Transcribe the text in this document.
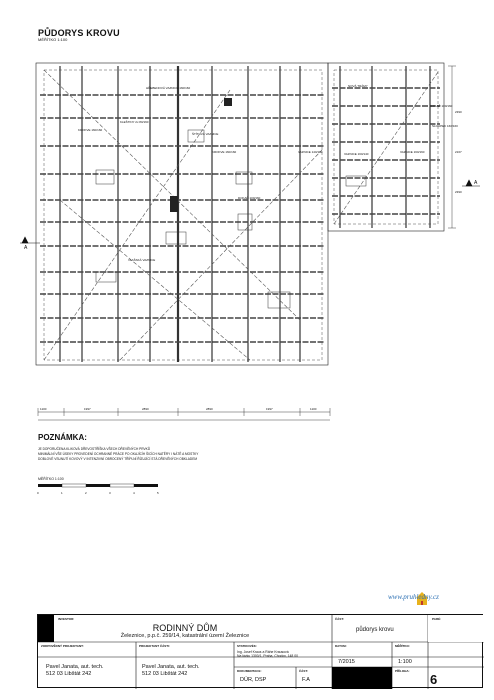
PŮDORYS KROVU
MĚŘÍTKO 1:100
KROKVE 160/160
KLEŠTINY 2x 80/160
HŘEBENOVÁ VAZNICE 160/160
KROKVE 160/160
ŠTÍTOVÁ VAZNICE
DOKAŘ 100/160
VLAŠSKÁ VAZNICE
NOVÁ TRÁMY
VAZNICE 140/160	VAZNICE 160/140
SLOUPEK 160/160
DOKAŘ 100/160
VAZNICE 160/160
A
A
1100	1997	2890	2890	1997	1100
2390
2167
2390
POZNÁMKA:
JE DOPORUČENA KLIKOVÁ DŘEVOSTŘÍŠKA VŠECH DŘEVĚNÝCH PRVKŮ
MINIMÁLNÍ VŠE ÚSEKY PROVEDENÍ OCHRANNÉ PRÁCE PO OKAJÍCÍH ŠICÍCH NATĚRY I NÁTĚ A MOSTKY
DOBLOVÉ VSUNUTÍ KOVOVÝ V INTENZIVNÍ OBROCENÝ TŘÍPLNÍ ŘÍZUJÍCÍ STÁ DŘEVĚNÝCH OBKLADEM
MĚŘÍTKO 1:100
0	1	2	3	4	5
www.pruhledny.cz
INVESTOR:
RODINNÝ DŮM
Železnice, p.p.č. 259/14, katastrální území Železnice
ČÁST:
půdorys krovu
PARÉ:
ZODPOVĚDNÝ PROJEKTANT:
Pavel Janata, aut. tech.
512 03 Libštát 242
PROJEKTANT ČÁSTI:
Pavel Janata, aut. tech.
512 03 Libštát 242
STATIKOVÉK:
Ing. Josef Kraus a Ráhe Krausová
Na lávku 1300/1, Praha, Chodov, 148 00
DOKUMENTACE:
DÚR, DSP
ČÁST:
F.A
DATUM:
7/2015
MĚŘÍTKO:
1:100
PŘÍLOHA:
6
